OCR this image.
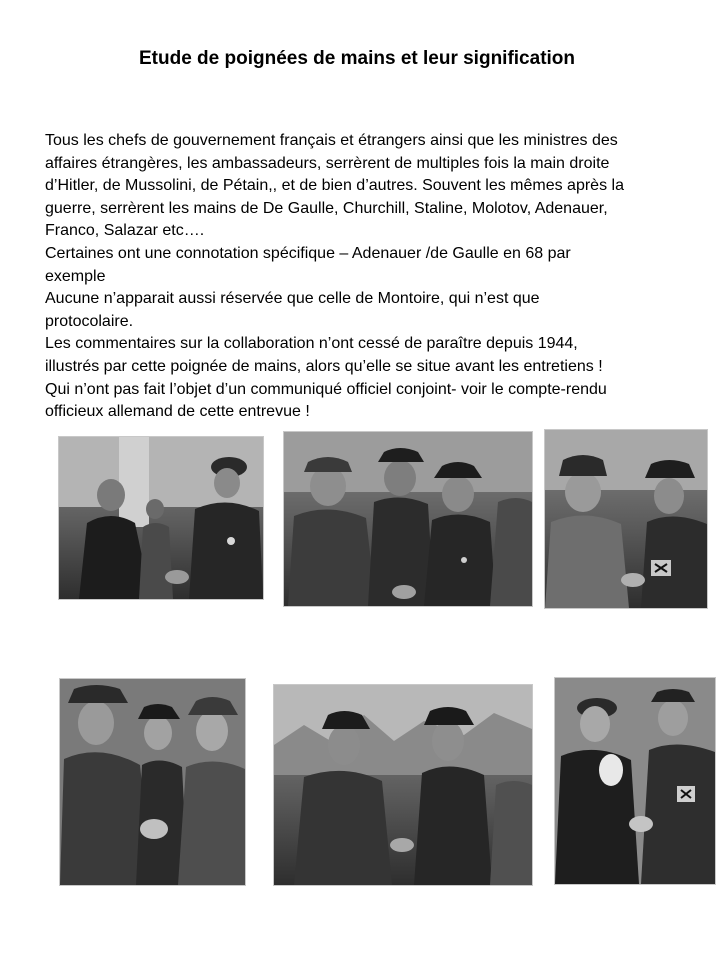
Etude de poignées de mains et leur signification
Tous les chefs de gouvernement français et étrangers ainsi que les ministres des
affaires étrangères, les ambassadeurs, serrèrent de multiples fois la main droite
d’Hitler, de Mussolini, de Pétain,, et de bien d’autres. Souvent les mêmes après la
guerre, serrèrent les mains de De Gaulle, Churchill, Staline, Molotov, Adenauer,
Franco, Salazar etc….
Certaines ont une connotation spécifique – Adenauer /de Gaulle en 68 par
exemple
Aucune n’apparait aussi réservée que celle de Montoire, qui n’est que
protocolaire.
Les commentaires sur la collaboration n’ont cessé de paraître depuis 1944,
illustrés par cette poignée de mains, alors qu’elle se situe avant les entretiens !
Qui n’ont pas fait l’objet d’un communiqué officiel conjoint- voir le compte-rendu
officieux allemand de cette entrevue !
